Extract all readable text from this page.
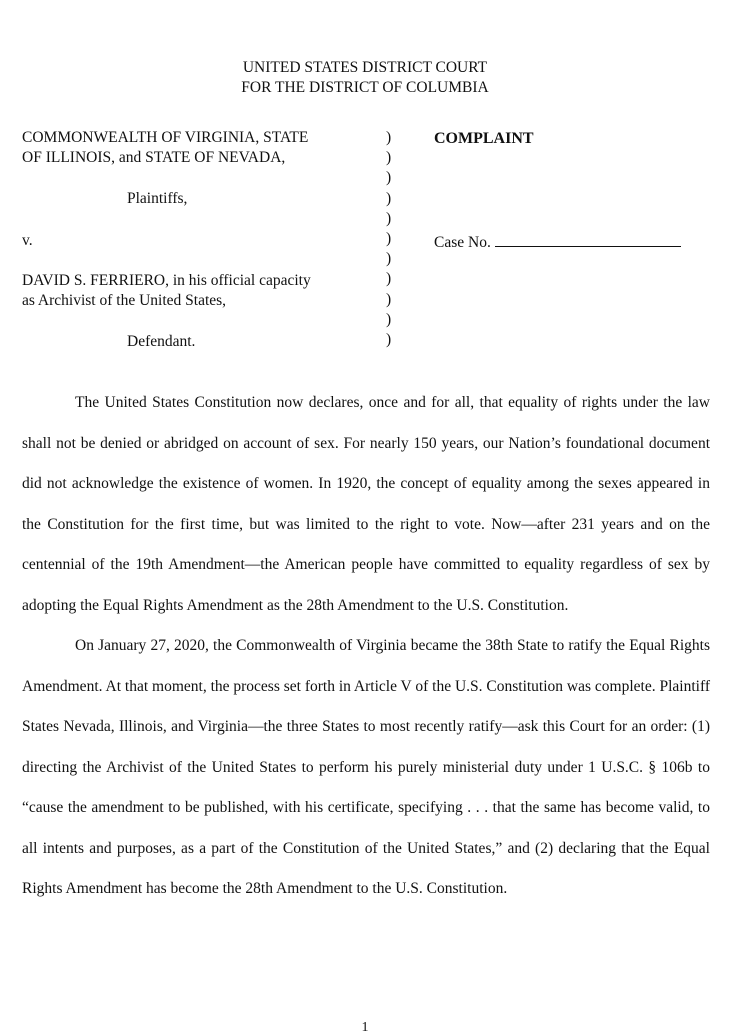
UNITED STATES DISTRICT COURT
FOR THE DISTRICT OF COLUMBIA
COMMONWEALTH OF VIRGINIA, STATE
OF ILLINOIS, and STATE OF NEVADA,
Plaintiffs,
v.
DAVID S. FERRIERO, in his official capacity
as Archivist of the United States,
Defendant.
)
)
)
)
)
)
)
)
)
)
)
COMPLAINT
Case No.

The United States Constitution now declares, once and for all, that equality of rights under the law shall not be denied or abridged on account of sex. For nearly 150 years, our Nation’s foundational document did not acknowledge the existence of women. In 1920, the concept of equality among the sexes appeared in the Constitution for the first time, but was limited to the right to vote. Now—after 231 years and on the centennial of the 19th Amendment—the American people have committed to equality regardless of sex by adopting the Equal Rights Amendment as the 28th Amendment to the U.S. Constitution.

On January 27, 2020, the Commonwealth of Virginia became the 38th State to ratify the Equal Rights Amendment. At that moment, the process set forth in Article V of the U.S. Constitution was complete. Plaintiff States Nevada, Illinois, and Virginia—the three States to most recently ratify—ask this Court for an order: (1) directing the Archivist of the United States to perform his purely ministerial duty under 1 U.S.C. § 106b to “cause the amendment to be published, with his certificate, specifying . . . that the same has become valid, to all intents and purposes, as a part of the Constitution of the United States,” and (2) declaring that the Equal Rights Amendment has become the 28th Amendment to the U.S. Constitution.

1
